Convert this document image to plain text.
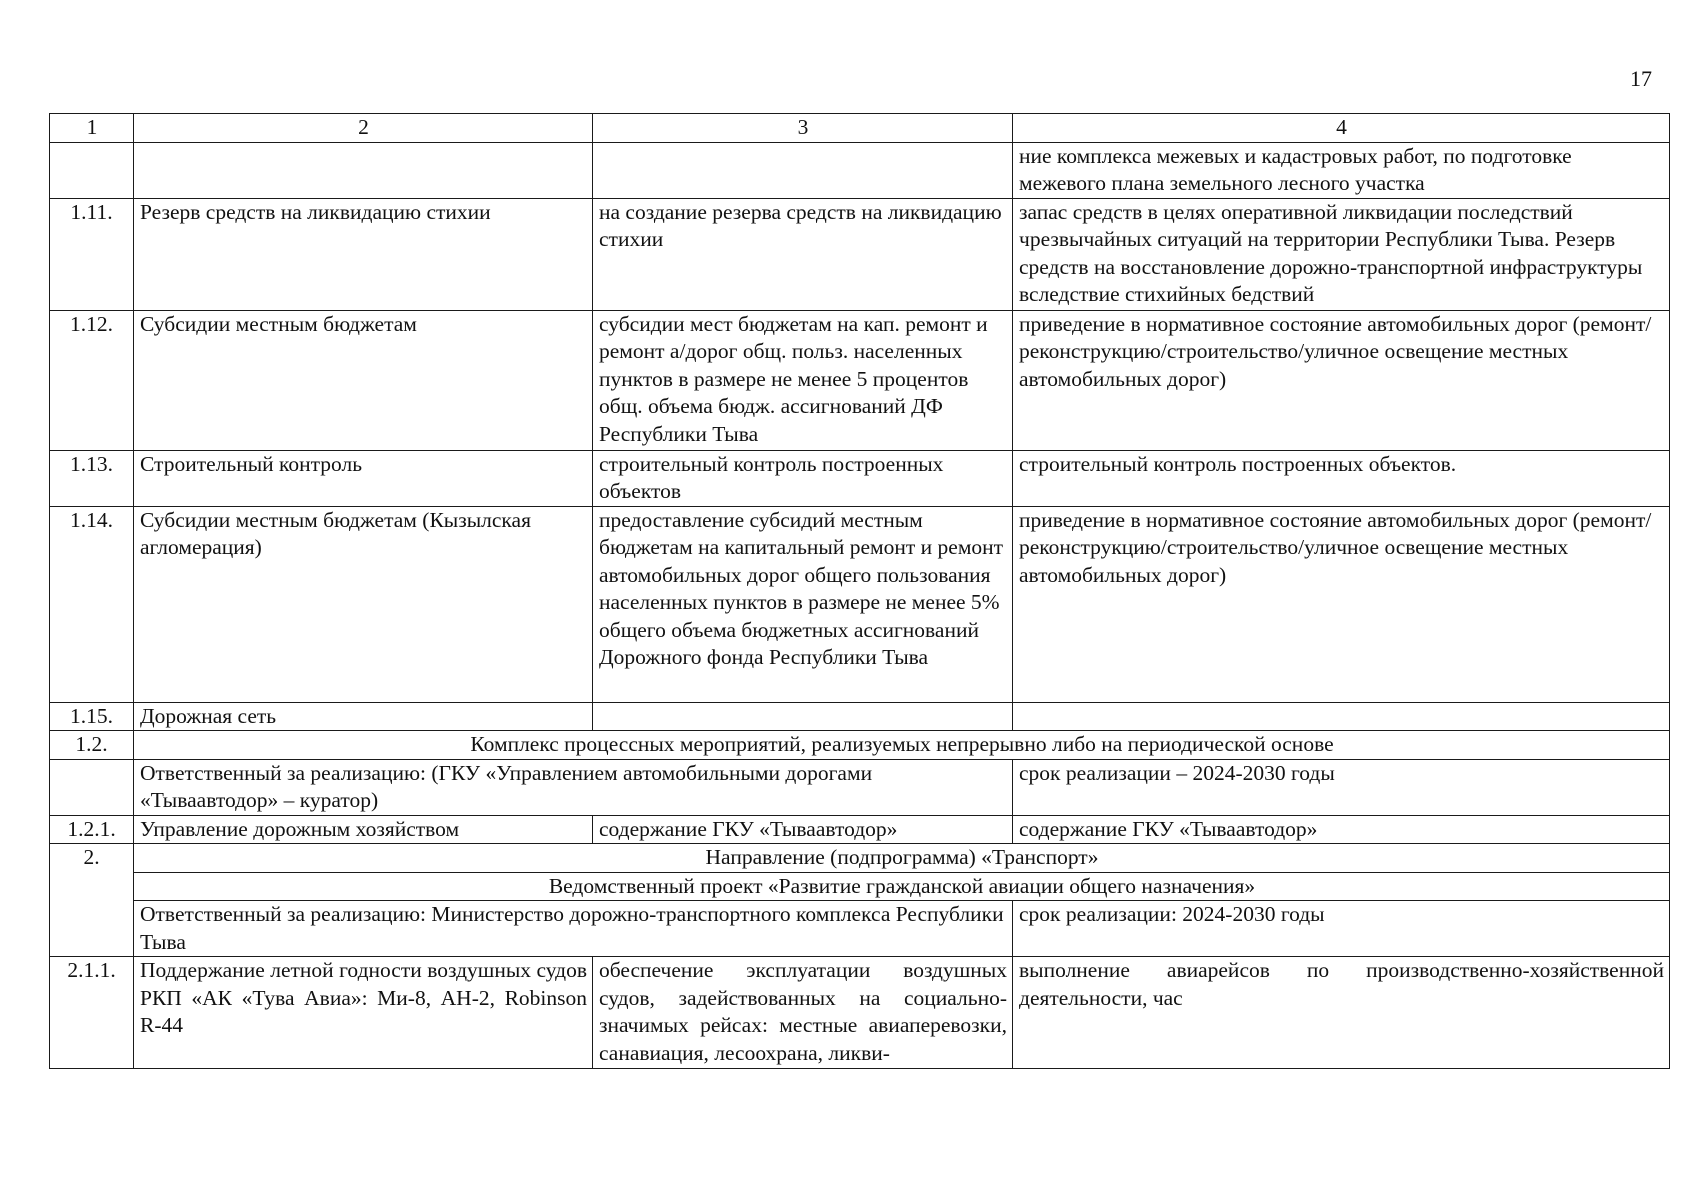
17
1	2	3	4
			ние комплекса межевых и кадастровых работ, по подготовке межевого плана земельного лесного участка
1.11.	Резерв средств на ликвидацию стихии	на создание резерва средств на ликвидацию стихии	запас средств в целях оперативной ликвидации последствий чрезвычайных ситуаций на территории Республики Тыва. Резерв средств на восстановление дорожно-транспортной инфраструктуры вследствие стихийных бедствий
1.12.	Субсидии местным бюджетам	субсидии мест бюджетам на кап. ремонт и ремонт а/дорог общ. польз. населенных пунктов в размере не менее 5 процентов общ. объема бюдж. ассигнований ДФ Республики Тыва	приведение в нормативное состояние автомобильных дорог (ремонт/реконструкцию/строительство/уличное освещение местных автомобильных дорог)
1.13.	Строительный контроль	строительный контроль построенных объектов	строительный контроль построенных объектов.
1.14.	Субсидии местным бюджетам (Кызылская агломерация)	предоставление субсидий местным бюджетам на капитальный ремонт и ремонт автомобильных дорог общего пользования населенных пунктов в размере не менее 5% общего объема бюджетных ассигнований Дорожного фонда Республики Тыва	приведение в нормативное состояние автомобильных дорог (ремонт/реконструкцию/строительство/уличное освещение местных автомобильных дорог)
1.15.	Дорожная сеть		
1.2.	Комплекс процессных мероприятий, реализуемых непрерывно либо на периодической основе		
	Ответственный за реализацию: (ГКУ «Управлением автомобильными дорогами «Тываавтодор» – куратор)		срок реализации – 2024-2030 годы
1.2.1.	Управление дорожным хозяйством	содержание ГКУ «Тываавтодор»	содержание ГКУ «Тываавтодор»
2.	Направление (подпрограмма) «Транспорт»		
	Ведомственный проект «Развитие гражданской авиации общего назначения»		
	Ответственный за реализацию: Министерство дорожно-транспортного комплекса Республики Тыва		срок реализации: 2024-2030 годы
2.1.1.	Поддержание летной годности воздушных судов РКП «АК «Тува Авиа»: Ми-8, АН-2, Robinson R-44	обеспечение эксплуатации воздушных судов, задействованных на социально-значимых рейсах: местные авиаперевозки, санавиация, лесоохрана, ликви-	выполнение авиарейсов по производственно-хозяйственной деятельности, час
